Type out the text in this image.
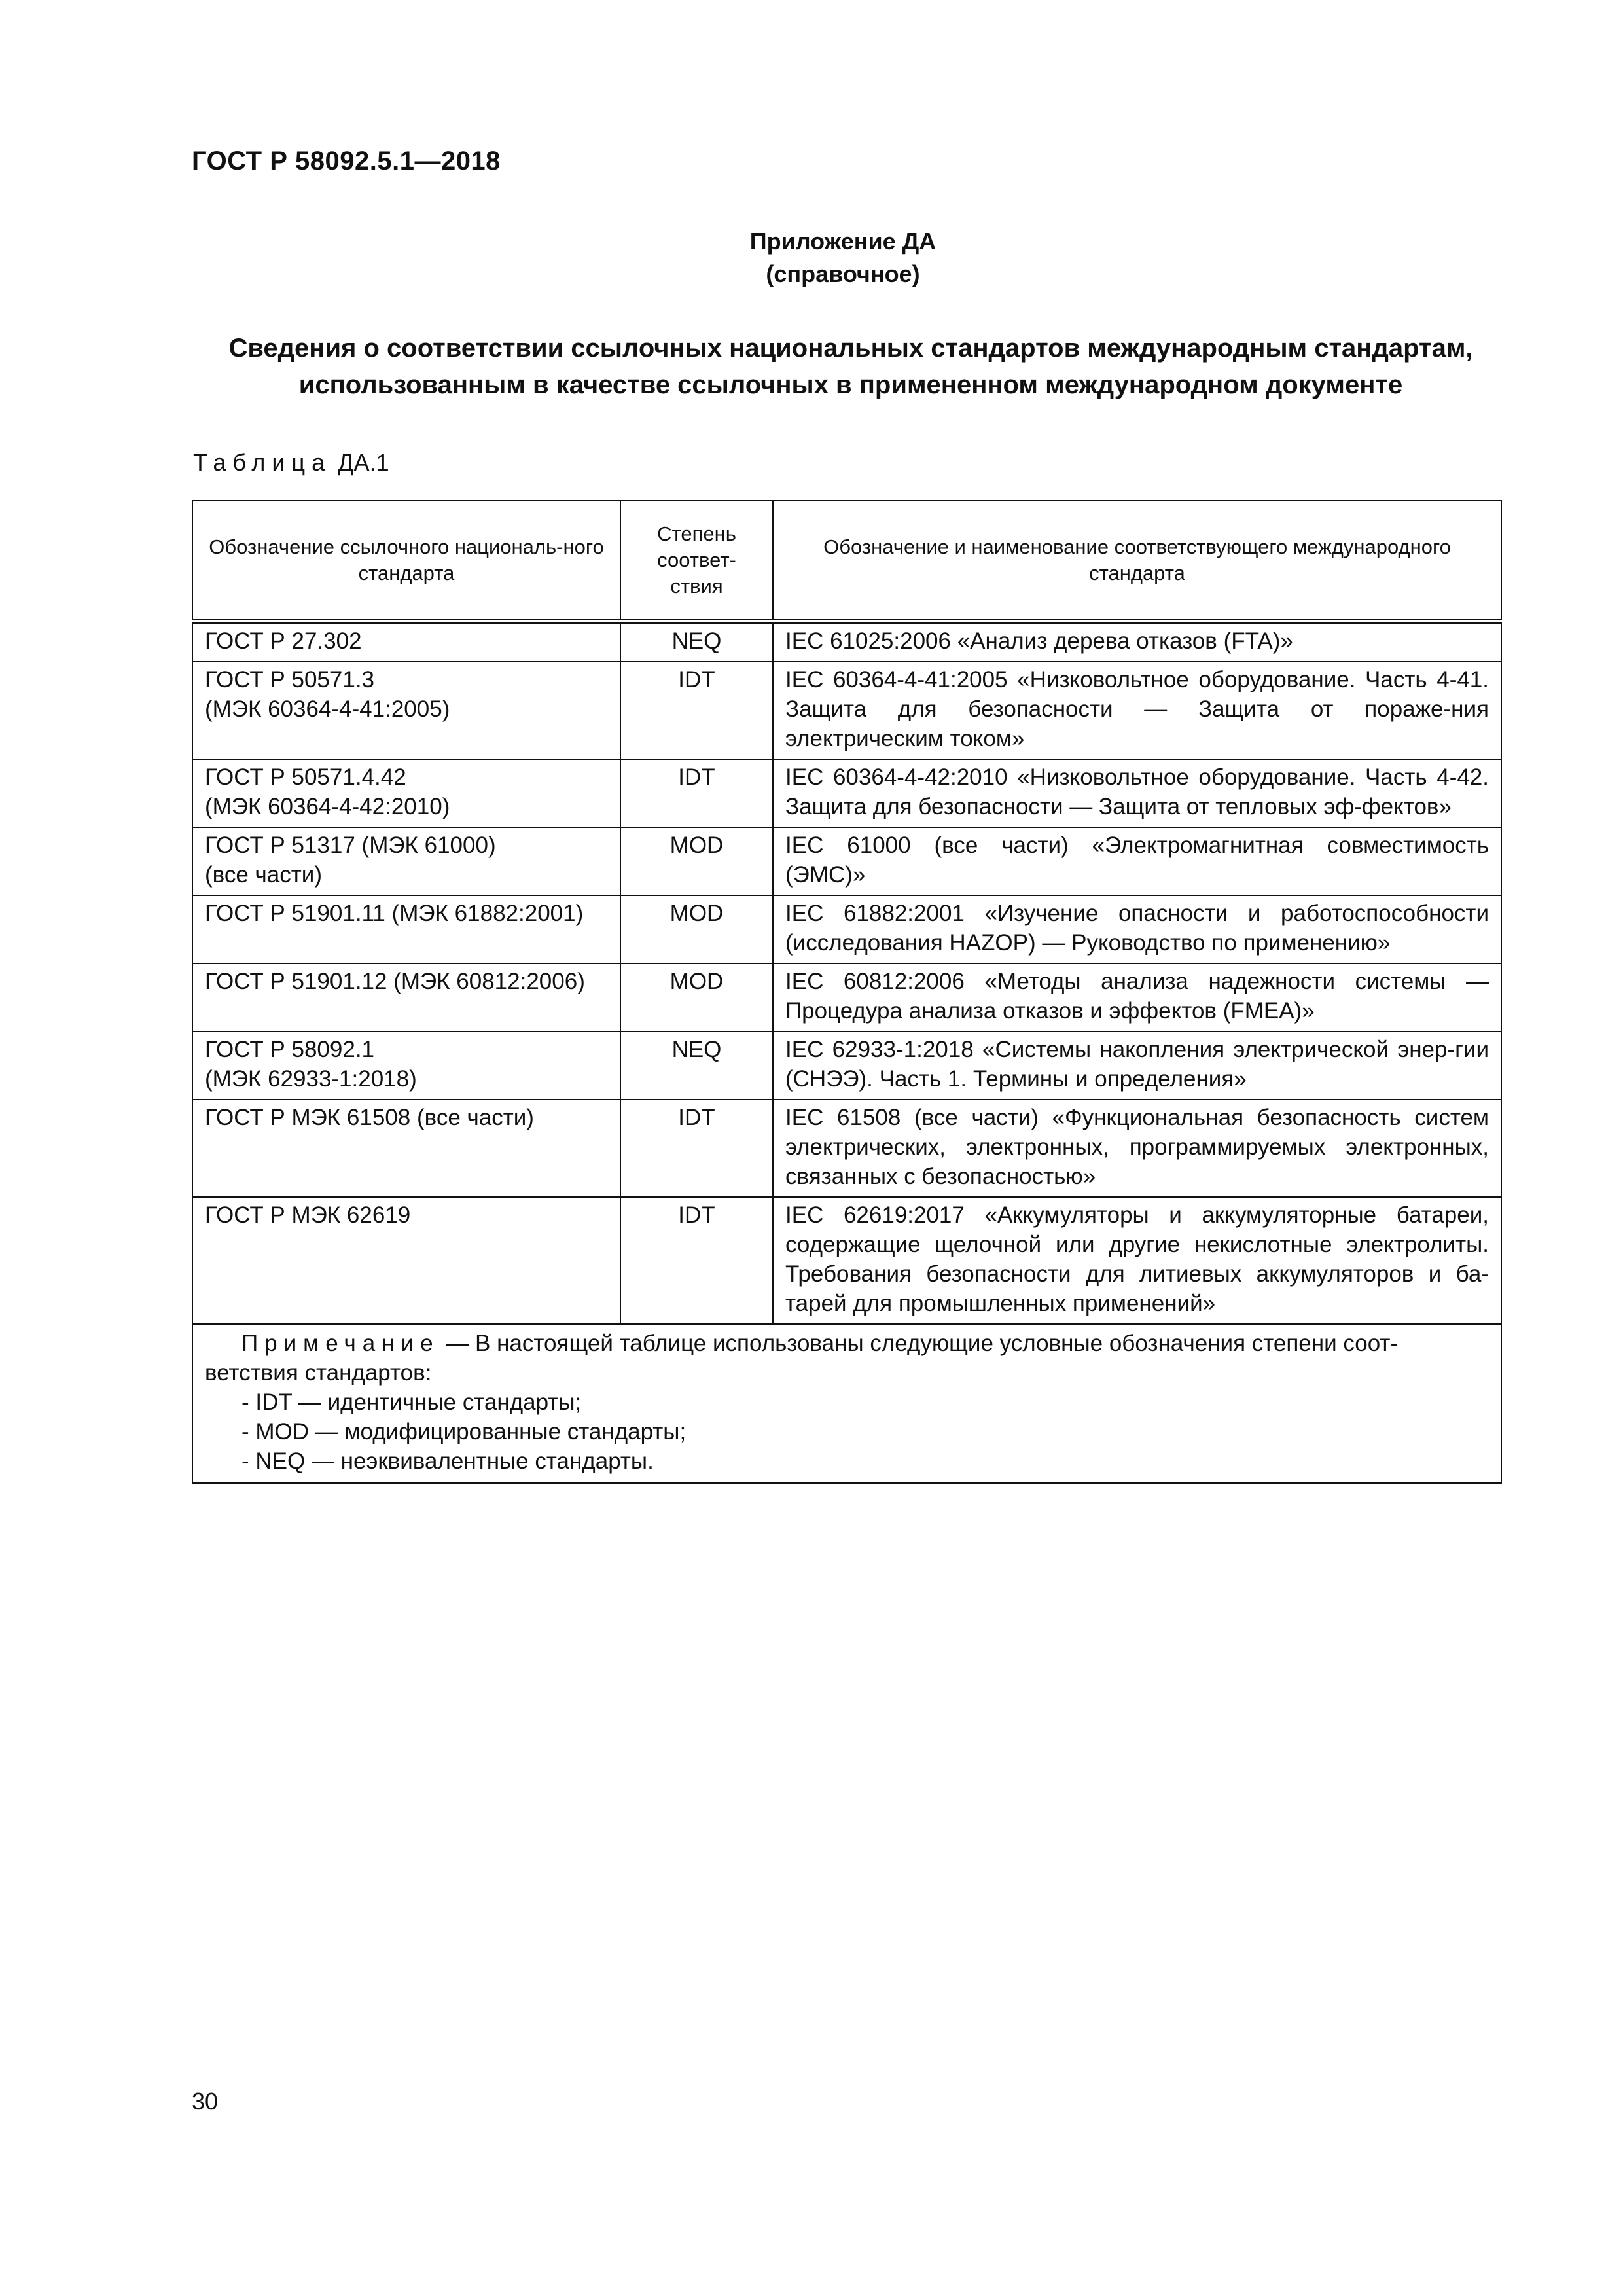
ГОСТ Р 58092.5.1—2018
Приложение ДА
(справочное)
Сведения о соответствии ссылочных национальных стандартов международным стандартам,
использованным в качестве ссылочных в примененном международном документе
Таблица ДА.1
Обозначение ссылочного националь-ного стандарта	Степень соответ-ствия	Обозначение и наименование соответствующего международного стандарта
ГОСТ Р 27.302	NEQ	IEC 61025:2006 «Анализ дерева отказов (FTA)»

ГОСТ Р 50571.3
(МЭК 60364-4-41:2005)	IDT	IEC 60364-4-41:2005 «Низковольтное оборудование. Часть 4-41. Защита для безопасности — Защита от пораже-ния электрическим током»

ГОСТ Р 50571.4.42
(МЭК 60364-4-42:2010)	IDT	IEC 60364-4-42:2010 «Низковольтное оборудование. Часть 4-42. Защита для безопасности — Защита от тепловых эф-фектов»

ГОСТ Р 51317 (МЭК 61000)
(все части)	MOD	IEC 61000 (все части) «Электромагнитная совместимость (ЭМС)»
ГОСТ Р 51901.11 (МЭК 61882:2001)	MOD	IEC 61882:2001 «Изучение опасности и работоспособности (исследования HAZOP) — Руководство по применению»
ГОСТ Р 51901.12 (МЭК 60812:2006)	MOD	IEC 60812:2006 «Методы анализа надежности системы — Процедура анализа отказов и эффектов (FMEA)»

ГОСТ Р 58092.1
(МЭК 62933-1:2018)	NEQ	IEC 62933-1:2018 «Системы накопления электрической энер-гии (СНЭЭ). Часть 1. Термины и определения»
ГОСТ Р МЭК 61508 (все части)	IDT	IEC 61508 (все части) «Функциональная безопасность систем электрических, электронных, программируемых электронных, связанных с безопасностью»
ГОСТ Р МЭК 62619	IDT	IEC 62619:2017 «Аккумуляторы и аккумуляторные батареи, содержащие щелочной или другие некислотные электролиты. Требования безопасности для литиевых аккумуляторов и ба-тарей для промышленных применений»

Примечание — В настоящей таблице использованы следующие условные обозначения степени соот-ветствия стандартов:
- IDT — идентичные стандарты;
- MOD — модифицированные стандарты;
- NEQ — неэквивалентные стандарты.		
30
